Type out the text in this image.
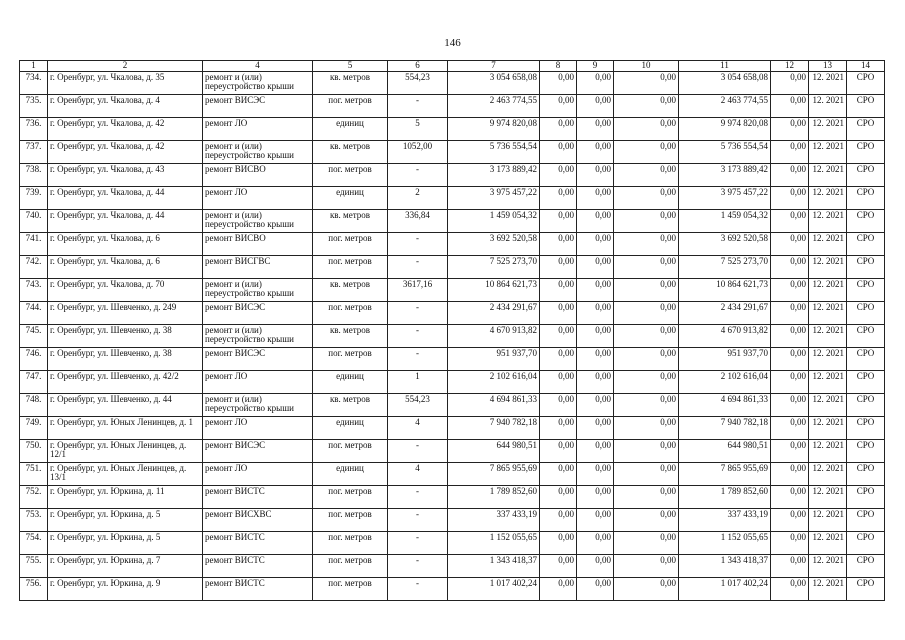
146
1	2	4	5	6	7	8	9	10	11	12	13	14
734.	г. Оренбург, ул. Чкалова, д. 35	ремонт и (или) переустройство крыши	кв. метров	554,23	3 054 658,08	0,00	0,00	0,00	3 054 658,08	0,00	12. 2021	СРО
735.	г. Оренбург, ул. Чкалова, д. 4	ремонт ВИСЭС	пог. метров	-	2 463 774,55	0,00	0,00	0,00	2 463 774,55	0,00	12. 2021	СРО
736.	г. Оренбург, ул. Чкалова, д. 42	ремонт ЛО	единиц	5	9 974 820,08	0,00	0,00	0,00	9 974 820,08	0,00	12. 2021	СРО
737.	г. Оренбург, ул. Чкалова, д. 42	ремонт и (или) переустройство крыши	кв. метров	1052,00	5 736 554,54	0,00	0,00	0,00	5 736 554,54	0,00	12. 2021	СРО
738.	г. Оренбург, ул. Чкалова, д. 43	ремонт ВИСВО	пог. метров	-	3 173 889,42	0,00	0,00	0,00	3 173 889,42	0,00	12. 2021	СРО
739.	г. Оренбург, ул. Чкалова, д. 44	ремонт ЛО	единиц	2	3 975 457,22	0,00	0,00	0,00	3 975 457,22	0,00	12. 2021	СРО
740.	г. Оренбург, ул. Чкалова, д. 44	ремонт и (или) переустройство крыши	кв. метров	336,84	1 459 054,32	0,00	0,00	0,00	1 459 054,32	0,00	12. 2021	СРО
741.	г. Оренбург, ул. Чкалова, д. 6	ремонт ВИСВО	пог. метров	-	3 692 520,58	0,00	0,00	0,00	3 692 520,58	0,00	12. 2021	СРО
742.	г. Оренбург, ул. Чкалова, д. 6	ремонт ВИСГВС	пог. метров	-	7 525 273,70	0,00	0,00	0,00	7 525 273,70	0,00	12. 2021	СРО
743.	г. Оренбург, ул. Чкалова, д. 70	ремонт и (или) переустройство крыши	кв. метров	3617,16	10 864 621,73	0,00	0,00	0,00	10 864 621,73	0,00	12. 2021	СРО
744.	г. Оренбург, ул. Шевченко, д. 249	ремонт ВИСЭС	пог. метров	-	2 434 291,67	0,00	0,00	0,00	2 434 291,67	0,00	12. 2021	СРО
745.	г. Оренбург, ул. Шевченко, д. 38	ремонт и (или) переустройство крыши	кв. метров	-	4 670 913,82	0,00	0,00	0,00	4 670 913,82	0,00	12. 2021	СРО
746.	г. Оренбург, ул. Шевченко, д. 38	ремонт ВИСЭС	пог. метров	-	951 937,70	0,00	0,00	0,00	951 937,70	0,00	12. 2021	СРО
747.	г. Оренбург, ул. Шевченко, д. 42/2	ремонт ЛО	единиц	1	2 102 616,04	0,00	0,00	0,00	2 102 616,04	0,00	12. 2021	СРО
748.	г. Оренбург, ул. Шевченко, д. 44	ремонт и (или) переустройство крыши	кв. метров	554,23	4 694 861,33	0,00	0,00	0,00	4 694 861,33	0,00	12. 2021	СРО
749.	г. Оренбург, ул. Юных Ленинцев, д. 1	ремонт ЛО	единиц	4	7 940 782,18	0,00	0,00	0,00	7 940 782,18	0,00	12. 2021	СРО
750.	г. Оренбург, ул. Юных Ленинцев, д. 12/1	ремонт ВИСЭС	пог. метров	-	644 980,51	0,00	0,00	0,00	644 980,51	0,00	12. 2021	СРО
751.	г. Оренбург, ул. Юных Ленинцев, д. 13/1	ремонт ЛО	единиц	4	7 865 955,69	0,00	0,00	0,00	7 865 955,69	0,00	12. 2021	СРО
752.	г. Оренбург, ул. Юркина, д. 11	ремонт ВИСТС	пог. метров	-	1 789 852,60	0,00	0,00	0,00	1 789 852,60	0,00	12. 2021	СРО
753.	г. Оренбург, ул. Юркина, д. 5	ремонт ВИСХВС	пог. метров	-	337 433,19	0,00	0,00	0,00	337 433,19	0,00	12. 2021	СРО
754.	г. Оренбург, ул. Юркина, д. 5	ремонт ВИСТС	пог. метров	-	1 152 055,65	0,00	0,00	0,00	1 152 055,65	0,00	12. 2021	СРО
755.	г. Оренбург, ул. Юркина, д. 7	ремонт ВИСТС	пог. метров	-	1 343 418,37	0,00	0,00	0,00	1 343 418,37	0,00	12. 2021	СРО
756.	г. Оренбург, ул. Юркина, д. 9	ремонт ВИСТС	пог. метров	-	1 017 402,24	0,00	0,00	0,00	1 017 402,24	0,00	12. 2021	СРО
